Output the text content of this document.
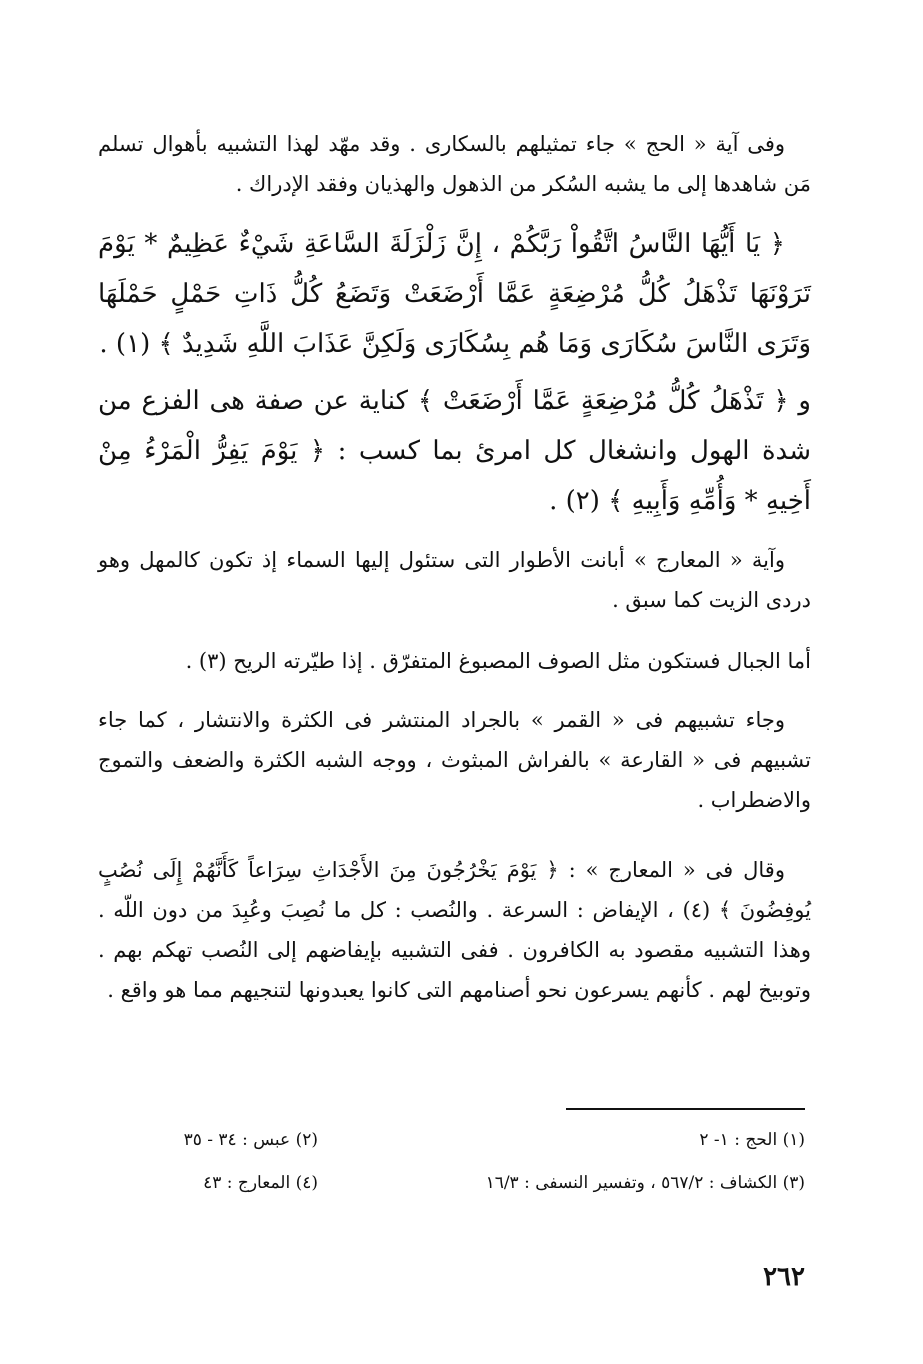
وفى آية « الحج » جاء تمثيلهم بالسكارى . وقد مهّد لهذا التشبيه بأهوال تسلم مَن شاهدها إلى ما يشبه السُكر من الذهول والهذيان وفقد الإدراك .

﴿ يَا أَيُّهَا النَّاسُ اتَّقُواْ رَبَّكُمْ ، إِنَّ زَلْزَلَةَ السَّاعَةِ شَيْءٌ عَظِيمٌ * يَوْمَ تَرَوْنَهَا تَذْهَلُ كُلُّ مُرْضِعَةٍ عَمَّا أَرْضَعَتْ وَتَضَعُ كُلُّ ذَاتِ حَمْلٍ حَمْلَهَا وَتَرَى النَّاسَ سُكَارَى وَمَا هُم بِسُكَارَى وَلَكِنَّ عَذَابَ اللَّهِ شَدِيدٌ ﴾ (١) .

و ﴿ تَذْهَلُ كُلُّ مُرْضِعَةٍ عَمَّا أَرْضَعَتْ ﴾ كناية عن صفة هى الفزع من شدة الهول وانشغال كل امرئ بما كسب : ﴿ يَوْمَ يَفِرُّ الْمَرْءُ مِنْ أَخِيهِ * وَأُمِّهِ وَأَبِيهِ ﴾ (٢) .

وآية « المعارج » أبانت الأطوار التى ستئول إليها السماء إذ تكون كالمهل وهو دردى الزيت كما سبق .

أما الجبال فستكون مثل الصوف المصبوغ المتفرّق . إذا طيّرته الريح (٣) .

وجاء تشبيهم فى « القمر » بالجراد المنتشر فى الكثرة والانتشار ، كما جاء تشبيهم فى « القارعة » بالفراش المبثوث ، ووجه الشبه الكثرة والضعف والتموج والاضطراب .

وقال فى « المعارج » : ﴿ يَوْمَ يَخْرُجُونَ مِنَ الأَجْدَاثِ سِرَاعاً كَأَنَّهُمْ إِلَى نُصُبٍ يُوفِضُونَ ﴾ (٤) ، الإيفاض : السرعة . والنُصب : كل ما نُصِبَ وعُبِدَ من دون اللّه . وهذا التشبيه مقصود به الكافرون . ففى التشبيه بإيفاضهم إلى النُصب تهكم بهم . وتوبيخ لهم . كأنهم يسرعون نحو أصنامهم التى كانوا يعبدونها لتنجيهم مما هو واقع .

(١) الحج : ١- ٢
(٢) عبس : ٣٤ - ٣٥
(٣) الكشاف : ٥٦٧/٢ ، وتفسير النسفى : ١٦/٣
(٤) المعارج : ٤٣
٢٦٢
